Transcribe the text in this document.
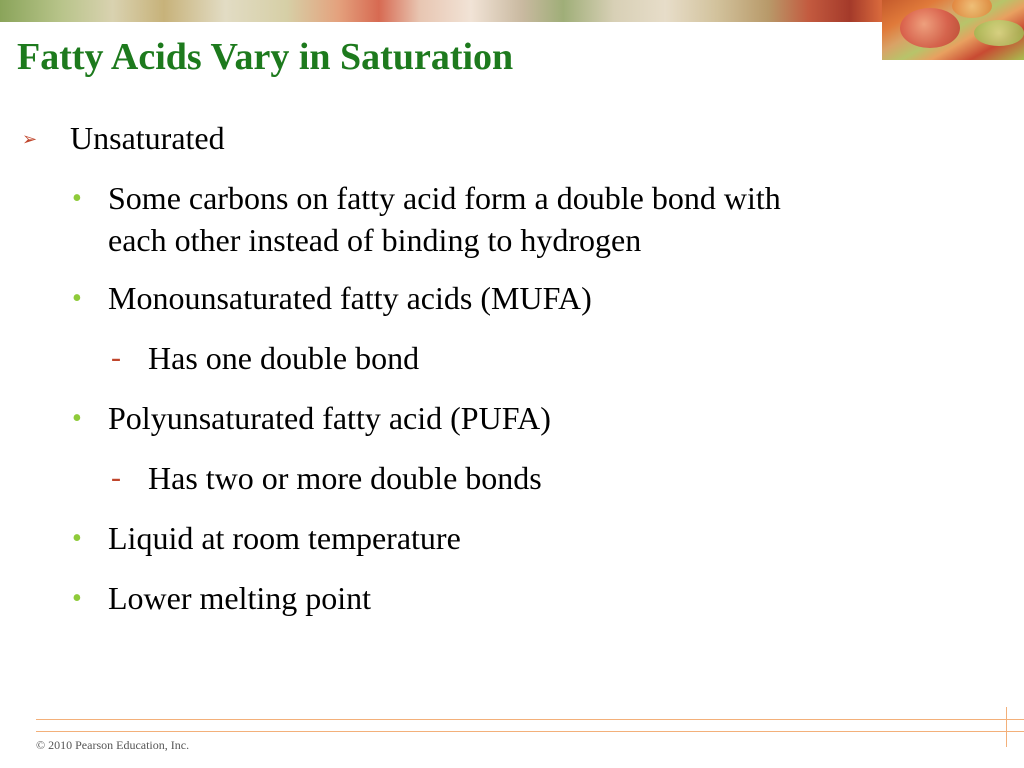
Fatty Acids Vary in Saturation
➢ Unsaturated
• Some carbons on fatty acid form a double bond with
each other instead of binding to hydrogen
• Monounsaturated fatty acids (MUFA)
- Has one double bond
• Polyunsaturated fatty acid (PUFA)
- Has two or more double bonds
• Liquid at room temperature
• Lower melting point
© 2010 Pearson Education, Inc.
